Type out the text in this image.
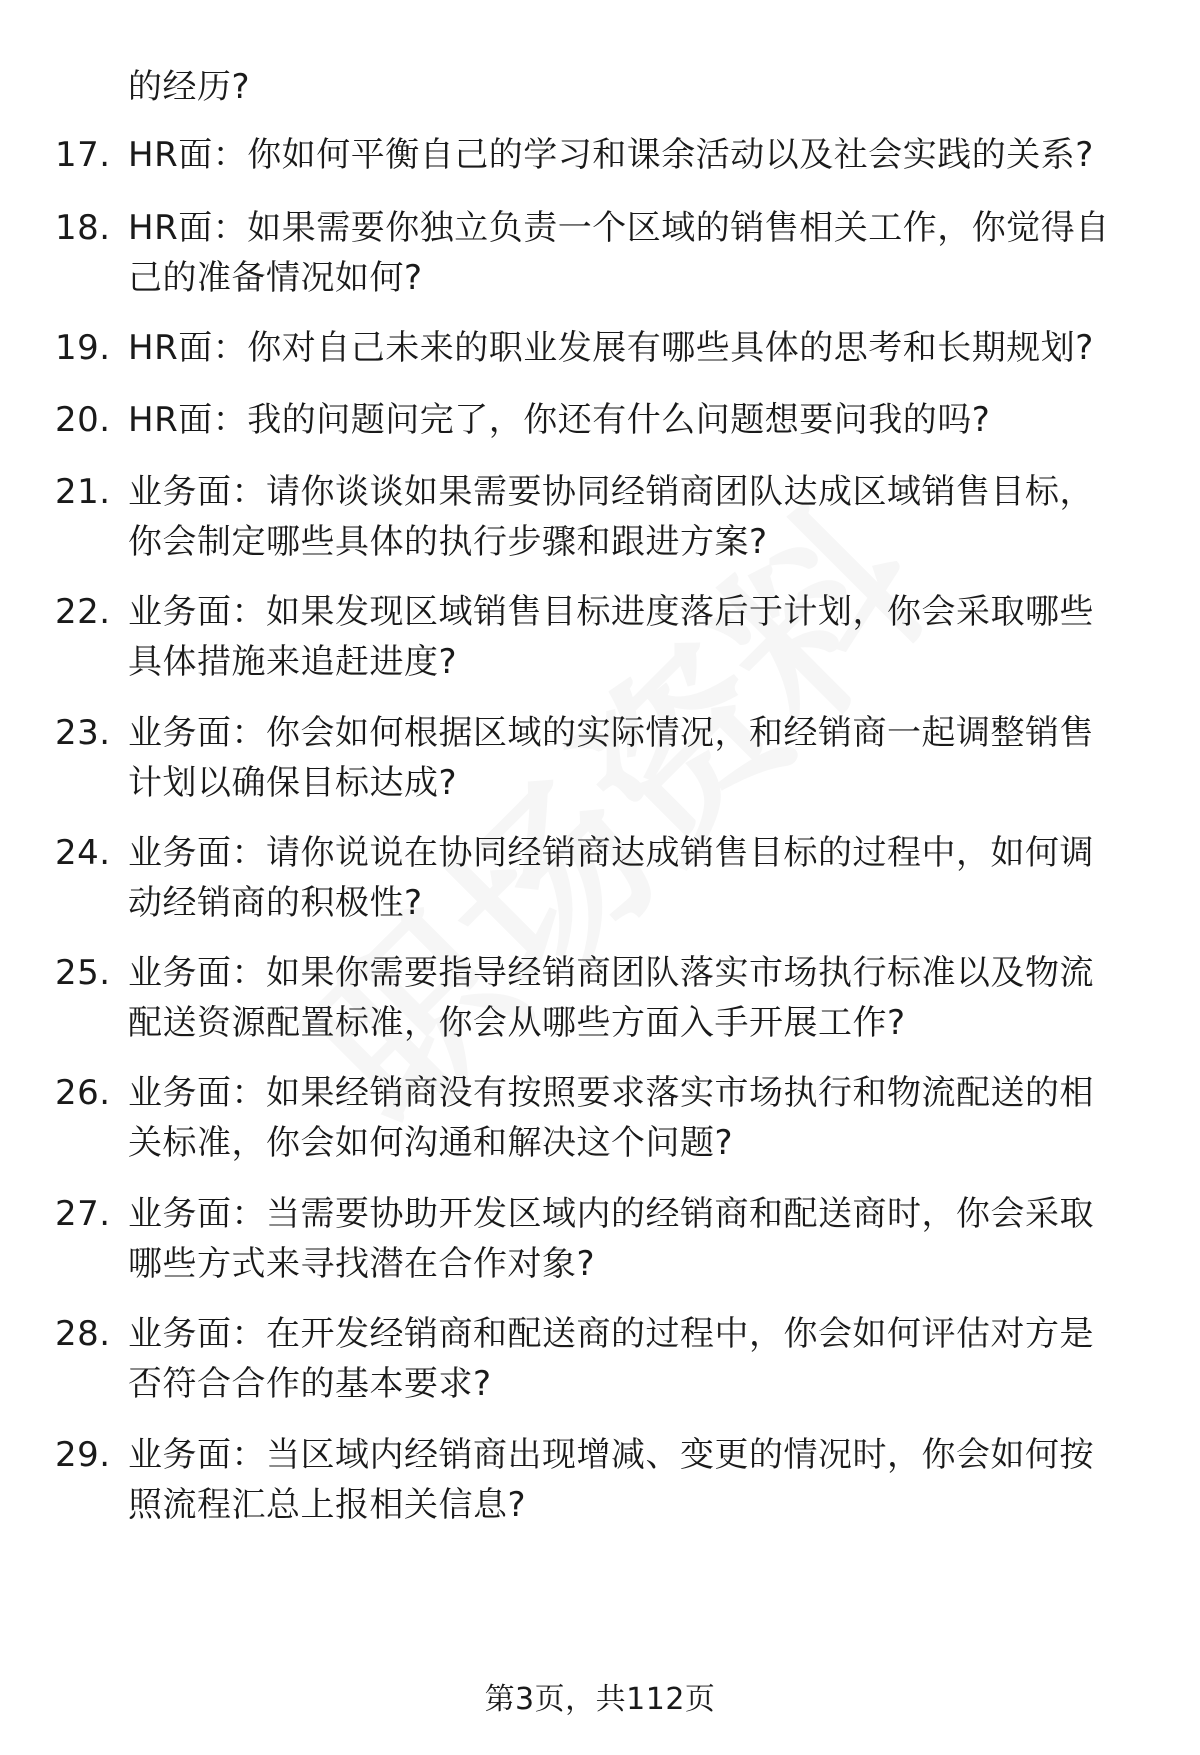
的经历?
17. HR面：你如何平衡自己的学习和课余活动以及社会实践的关系?
18. HR面：如果需要你独立负责一个区域的销售相关工作，你觉得自
己的准备情况如何?
19. HR面：你对自己未来的职业发展有哪些具体的思考和长期规划?
20. HR面：我的问题问完了，你还有什么问题想要问我的吗?
21. 业务面：请你谈谈如果需要协同经销商团队达成区域销售目标，
你会制定哪些具体的执行步骤和跟进方案?
22. 业务面：如果发现区域销售目标进度落后于计划，你会采取哪些
具体措施来追赶进度?
23. 业务面：你会如何根据区域的实际情况，和经销商一起调整销售
计划以确保目标达成?
24. 业务面：请你说说在协同经销商达成销售目标的过程中，如何调
动经销商的积极性?
25. 业务面：如果你需要指导经销商团队落实市场执行标准以及物流
配送资源配置标准，你会从哪些方面入手开展工作?
26. 业务面：如果经销商没有按照要求落实市场执行和物流配送的相
关标准，你会如何沟通和解决这个问题?
27. 业务面：当需要协助开发区域内的经销商和配送商时，你会采取
哪些方式来寻找潜在合作对象?
28. 业务面：在开发经销商和配送商的过程中，你会如何评估对方是
否符合合作的基本要求?
29. 业务面：当区域内经销商出现增减、变更的情况时，你会如何按
照流程汇总上报相关信息?
第3页，共112页
